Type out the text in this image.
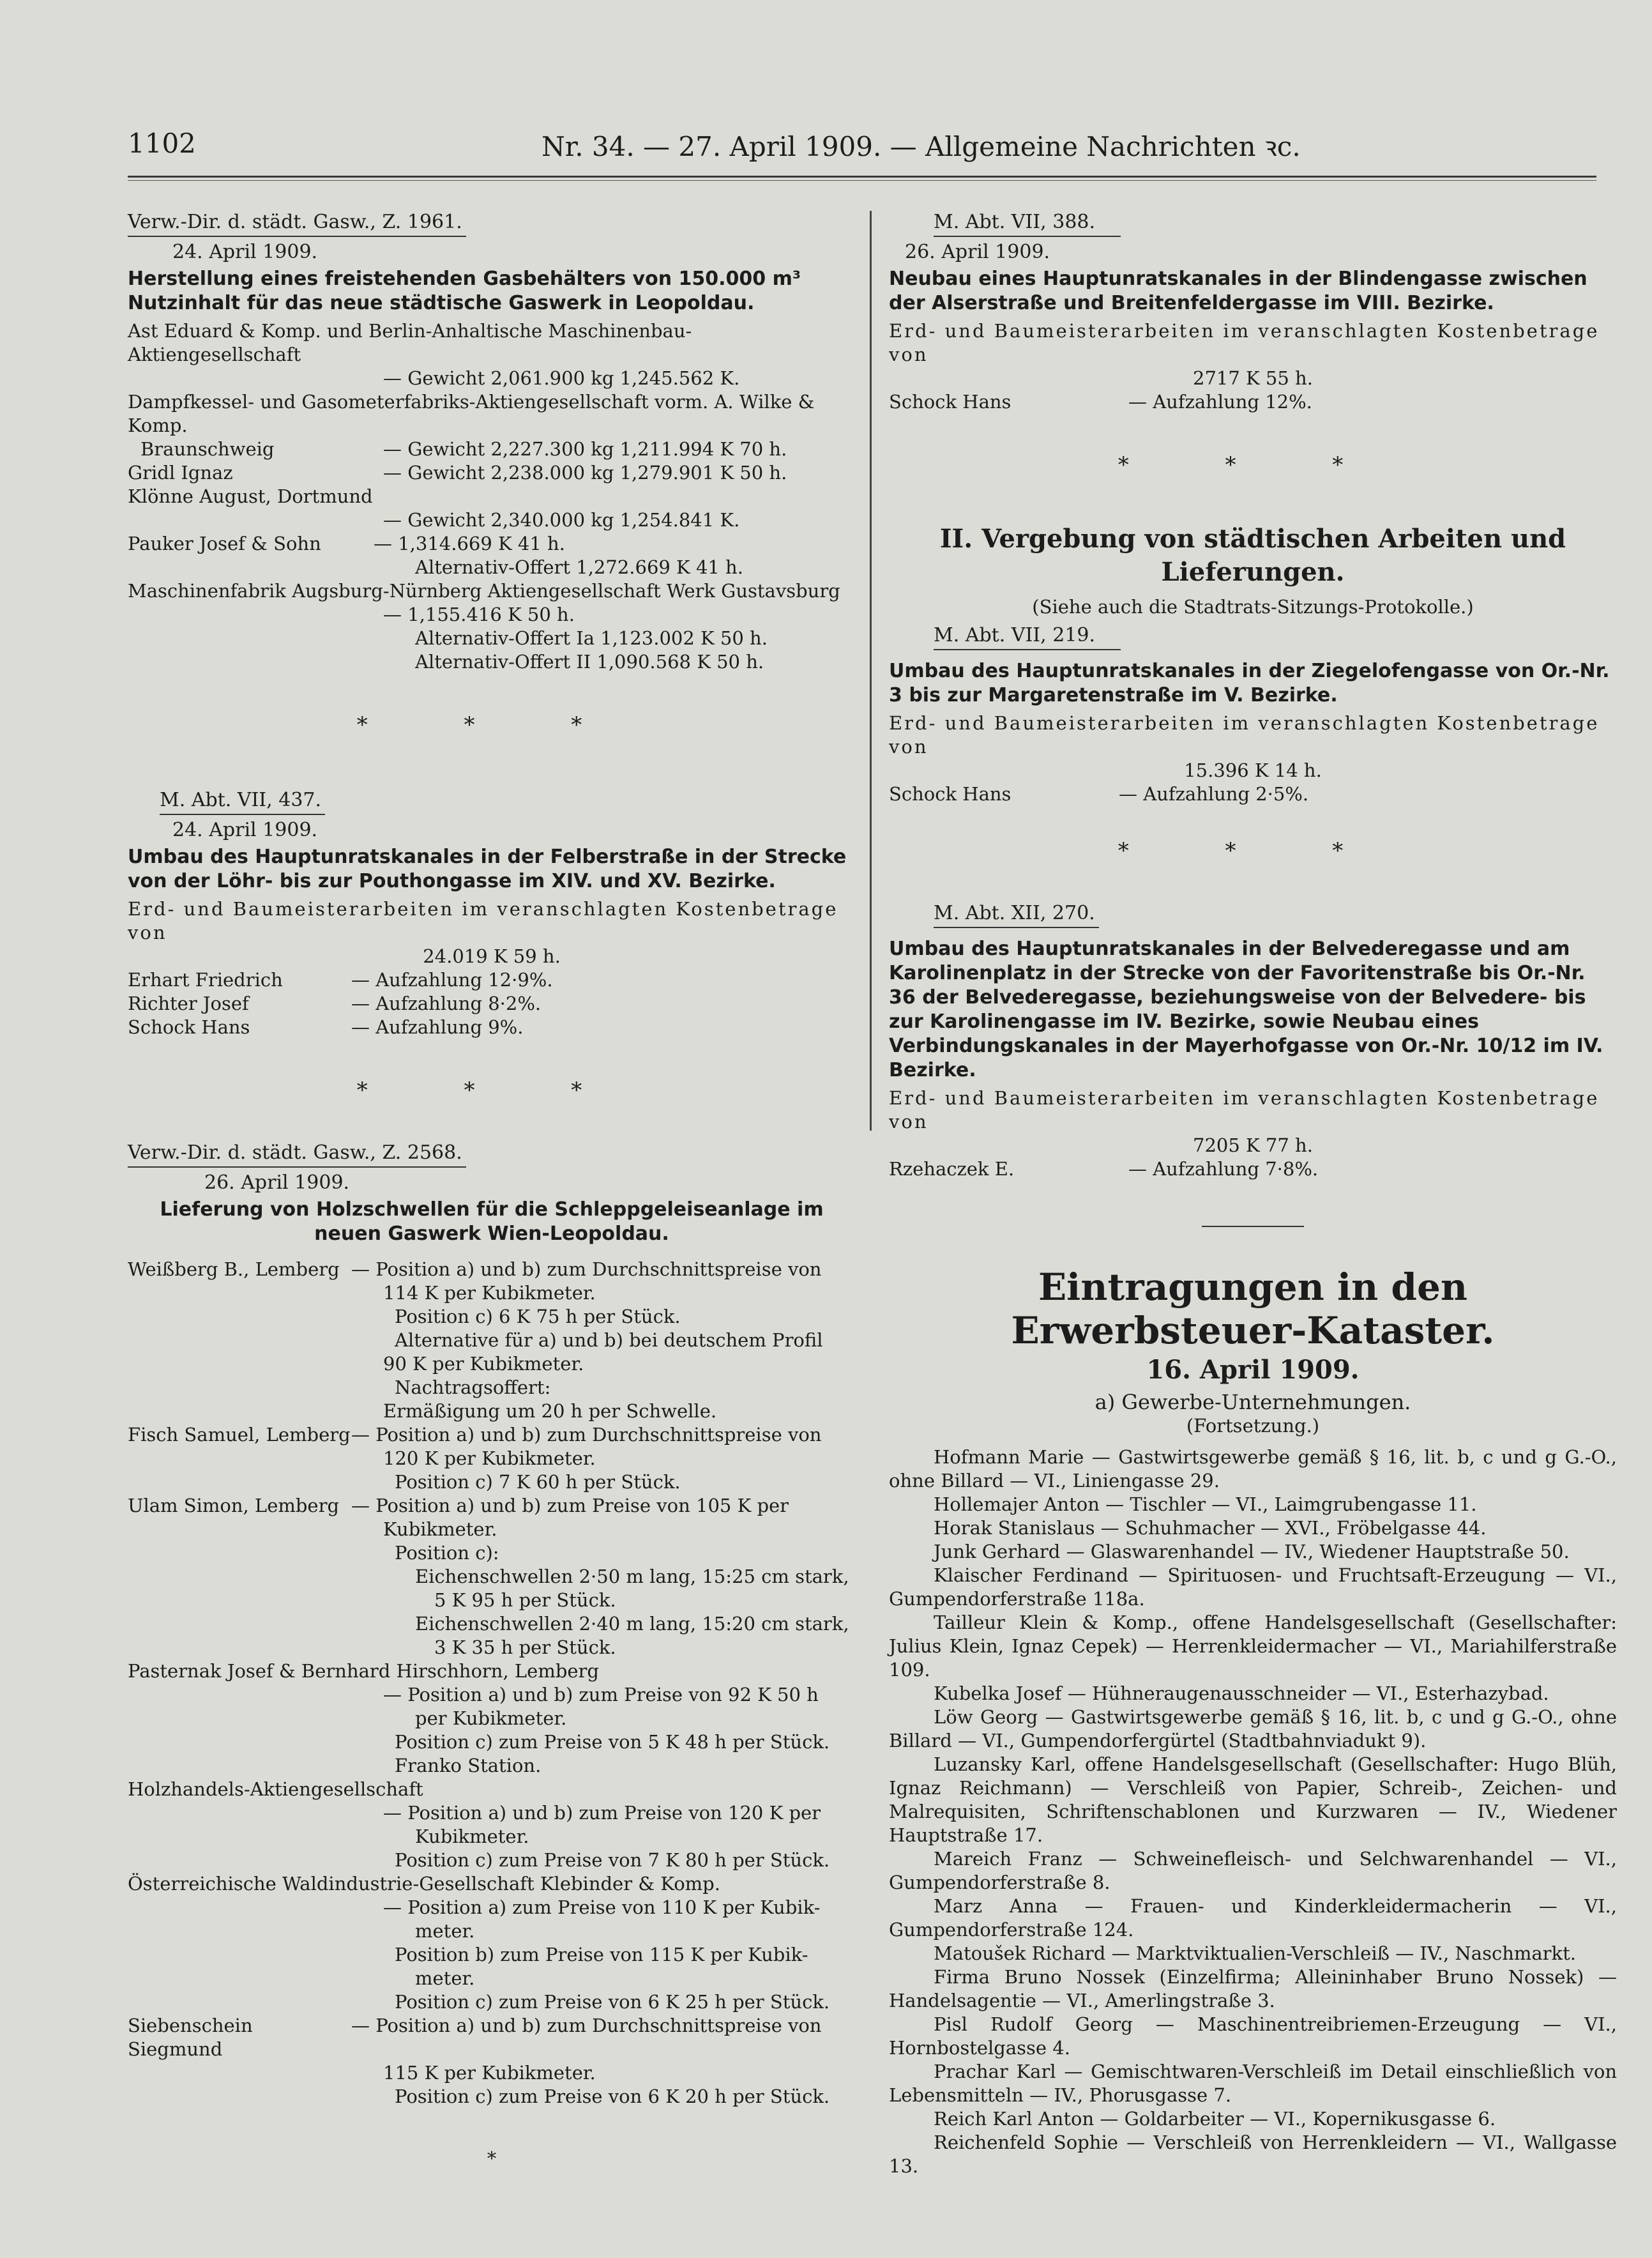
1102	Nr. 34. — 27. April 1909. — Allgemeine Nachrichten ꝛc.
Verw.-Dir. d. städt. Gasw., Z. 1961.
24. April 1909.
Herstellung eines freistehenden Gasbehälters von 150.000 m³ Nutzinhalt für das neue städtische Gaswerk in Leopoldau.
Ast Eduard & Komp. und Berlin-Anhaltische Maschinenbau-Aktiengesellschaft
— Gewicht 2,061.900 kg 1,245.562 K.
Dampfkessel- und Gasometerfabriks-Aktiengesellschaft vorm. A. Wilke & Komp.
Braunschweig	— Gewicht 2,227.300 kg 1,211.994 K 70 h.
Gridl Ignaz	— Gewicht 2,238.000 kg 1,279.901 K 50 h.
Klönne August, Dortmund
— Gewicht 2,340.000 kg 1,254.841 K.
Pauker Josef & Sohn	— 1,314.669 K 41 h.
Alternativ-Offert 1,272.669 K 41 h.
Maschinenfabrik Augsburg-Nürnberg Aktiengesellschaft Werk Gustavsburg
— 1,155.416 K 50 h.
Alternativ-Offert Ia 1,123.002 K 50 h.
Alternativ-Offert II 1,090.568 K 50 h.
* * *
M. Abt. VII, 437.
24. April 1909.
Umbau des Hauptunratskanales in der Felberstraße in der Strecke von der Löhr- bis zur Pouthongasse im XIV. und XV. Bezirke.
Erd- und Baumeisterarbeiten im veranschlagten Kostenbetrage von
24.019 K 59 h.
Erhart Friedrich	— Aufzahlung 12·9%.
Richter Josef	— Aufzahlung 8·2%.
Schock Hans	— Aufzahlung 9%.
* * *
Verw.-Dir. d. städt. Gasw., Z. 2568.
26. April 1909.
Lieferung von Holzschwellen für die Schleppgeleiseanlage im neuen Gaswerk Wien-Leopoldau.
Weißberg B., Lemberg — Position a) und b) zum Durchschnittspreise von
114 K per Kubikmeter.
Position c) 6 K 75 h per Stück.
Alternative für a) und b) bei deutschem Profil
90 K per Kubikmeter.
Nachtragsoffert:
Ermäßigung um 20 h per Schwelle.
Fisch Samuel, Lemberg — Position a) und b) zum Durchschnittspreise von
120 K per Kubikmeter.
Position c) 7 K 60 h per Stück.
Ulam Simon, Lemberg — Position a) und b) zum Preise von 105 K per
Kubikmeter.
Position c):
Eichenschwellen 2·50 m lang, 15:25 cm stark,
5 K 95 h per Stück.
Eichenschwellen 2·40 m lang, 15:20 cm stark,
3 K 35 h per Stück.
Pasternak Josef & Bernhard Hirschhorn, Lemberg
— Position a) und b) zum Preise von 92 K 50 h
per Kubikmeter.
Position c) zum Preise von 5 K 48 h per Stück.
Franko Station.
Holzhandels-Aktiengesellschaft
— Position a) und b) zum Preise von 120 K per
Kubikmeter.
Position c) zum Preise von 7 K 80 h per Stück.
Österreichische Waldindustrie-Gesellschaft Klebinder & Komp.
— Position a) zum Preise von 110 K per Kubik-
meter.
Position b) zum Preise von 115 K per Kubik-
meter.
Position c) zum Preise von 6 K 25 h per Stück.
Siebenschein Siegmund
— Position a) und b) zum Durchschnittspreise von
115 K per Kubikmeter.
Position c) zum Preise von 6 K 20 h per Stück.
*
M. Abt. VII, 388.
26. April 1909.
Neubau eines Hauptunratskanales in der Blindengasse zwischen der Alserstraße und Breitenfeldergasse im VIII. Bezirke.
Erd- und Baumeisterarbeiten im veranschlagten Kostenbetrage von
2717 K 55 h.
Schock Hans	— Aufzahlung 12%.
* * *
II. Vergebung von städtischen Arbeiten und Lieferungen.
(Siehe auch die Stadtrats-Sitzungs-Protokolle.)
M. Abt. VII, 219.
Umbau des Hauptunratskanales in der Ziegelofengasse von Or.-Nr. 3 bis zur Margaretenstraße im V. Bezirke.
Erd- und Baumeisterarbeiten im veranschlagten Kostenbetrage von
15.396 K 14 h.
Schock Hans	— Aufzahlung 2·5%.
* * *
M. Abt. XII, 270.
Umbau des Hauptunratskanales in der Belvederegasse und am Karolinenplatz in der Strecke von der Favoritenstraße bis Or.-Nr. 36 der Belvederegasse, beziehungsweise von der Belvedere- bis zur Karolinengasse im IV. Bezirke, sowie Neubau eines Verbindungskanales in der Mayerhofgasse von Or.-Nr. 10/12 im IV. Bezirke.
Erd- und Baumeisterarbeiten im veranschlagten Kostenbetrage von
7205 K 77 h.
Rzehaczek E.	— Aufzahlung 7·8%.
Eintragungen in den Erwerbsteuer-Kataster.
16. April 1909.
a) Gewerbe-Unternehmungen.
(Fortsetzung.)
Hofmann Marie — Gastwirtsgewerbe gemäß § 16, lit. b, c und g G.-O., ohne Billard — VI., Liniengasse 29.
Hollemajer Anton — Tischler — VI., Laimgrubengasse 11.
Horak Stanislaus — Schuhmacher — XVI., Fröbelgasse 44.
Junk Gerhard — Glaswarenhandel — IV., Wiedener Hauptstraße 50.
Klaischer Ferdinand — Spirituosen- und Fruchtsaft-Erzeugung — VI., Gumpendorferstraße 118a.
Tailleur Klein & Komp., offene Handelsgesellschaft (Gesellschafter: Julius Klein, Ignaz Cepek) — Herrenkleidermacher — VI., Mariahilferstraße 109.
Kubelka Josef — Hühneraugenausschneider — VI., Esterhazybad.
Löw Georg — Gastwirtsgewerbe gemäß § 16, lit. b, c und g G.-O., ohne Billard — VI., Gumpendorfergürtel (Stadtbahnviadukt 9).
Luzansky Karl, offene Handelsgesellschaft (Gesellschafter: Hugo Blüh, Ignaz Reichmann) — Verschleiß von Papier, Schreib-, Zeichen- und Malrequisiten, Schriftenschablonen und Kurzwaren — IV., Wiedener Hauptstraße 17.
Mareich Franz — Schweinefleisch- und Selchwarenhandel — VI., Gumpendorferstraße 8.
Marz Anna — Frauen- und Kinderkleidermacherin — VI., Gumpendorferstraße 124.
Matoušek Richard — Marktviktualien-Verschleiß — IV., Naschmarkt.
Firma Bruno Nossek (Einzelfirma; Alleininhaber Bruno Nossek) — Handelsagentie — VI., Amerlingstraße 3.
Pisl Rudolf Georg — Maschinentreibriemen-Erzeugung — VI., Hornbostelgasse 4.
Prachar Karl — Gemischtwaren-Verschleiß im Detail einschließlich von Lebensmitteln — IV., Phorusgasse 7.
Reich Karl Anton — Goldarbeiter — VI., Kopernikusgasse 6.
Reichenfeld Sophie — Verschleiß von Herrenkleidern — VI., Wallgasse 13.
